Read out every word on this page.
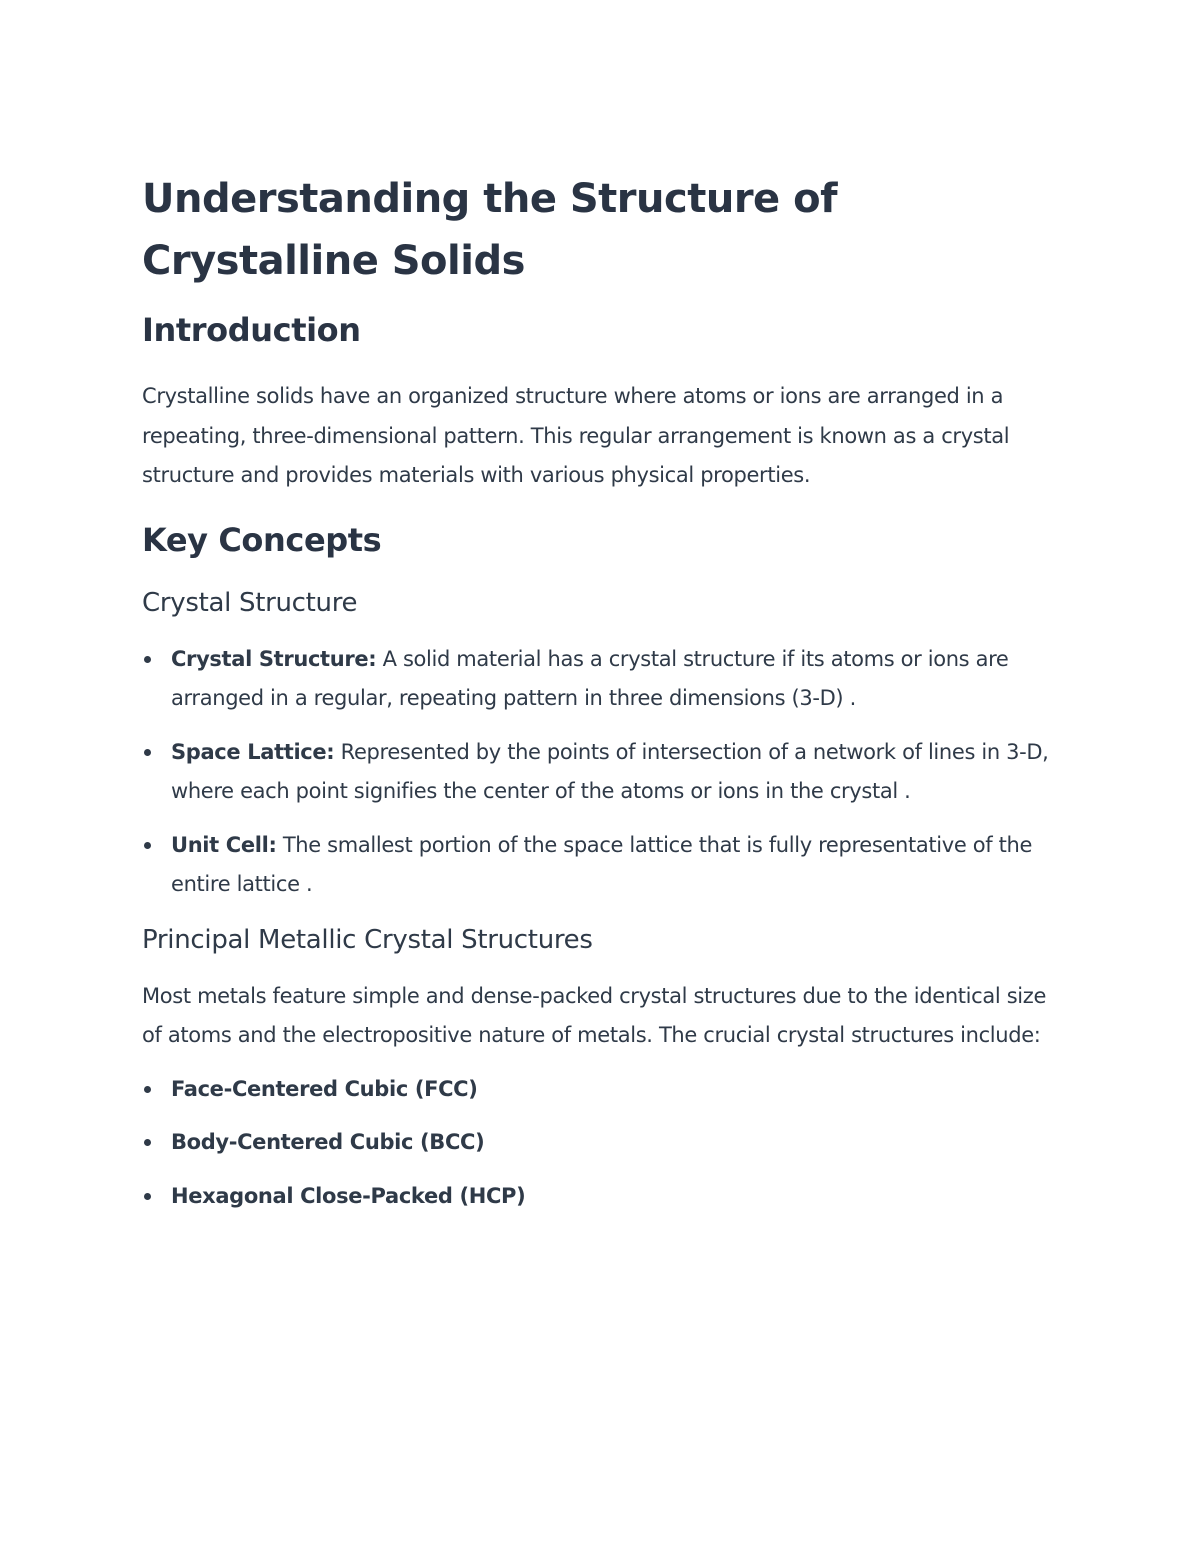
Understanding the Structure of Crystalline Solids
Introduction

Crystalline solids have an organized structure where atoms or ions are arranged in a repeating, three-dimensional pattern. This regular arrangement is known as a crystal structure and provides materials with various physical properties.

Key Concepts
Crystal Structure
Crystal Structure: A solid material has a crystal structure if its atoms or ions are arranged in a regular, repeating pattern in three dimensions (3-D) .
Space Lattice: Represented by the points of intersection of a network of lines in 3-D, where each point signifies the center of the atoms or ions in the crystal .
Unit Cell: The smallest portion of the space lattice that is fully representative of the entire lattice .
Principal Metallic Crystal Structures

Most metals feature simple and dense-packed crystal structures due to the identical size of atoms and the electropositive nature of metals. The crucial crystal structures include:

Face-Centered Cubic (FCC)
Body-Centered Cubic (BCC)
Hexagonal Close-Packed (HCP)
